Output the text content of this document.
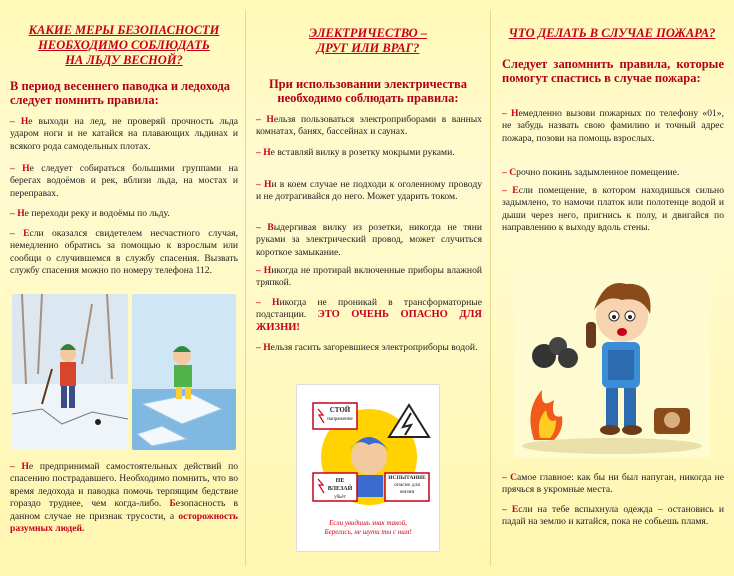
КАКИЕ МЕРЫ БЕЗОПАСНОСТИ

НЕОБХОДИМО СОБЛЮДАТЬ

НА ЛЬДУ ВЕСНОЙ?

В период весеннего паводка и ледохода следует помнить правила:

– Не выходи на лед, не проверяй прочность льда ударом ноги и не катайся на плавающих льдинах и всякого рода самодельных плотах.

– Не следует собираться большими группами на берегах водоёмов и рек, вблизи льда, на мостах и переправах.

– Не переходи реку и водоёмы по льду.

– Если оказался свидетелем несчастного случая, немедленно обратись за помощью к взрослым или сообщи о случившемся в службу спасения. Вызвать службу спасения можно по номеру телефона 112.

– Не предпринимай самостоятельных действий по спасению пострадавшего. Необходимо помнить, что во время ледохода и паводка помочь терпящим бедствие гораздо труднее, чем когда-либо. Безопасность в данном случае не признак трусости, а осторожность разумных людей.

ЭЛЕКТРИЧЕСТВО –

ДРУГ ИЛИ ВРАГ?

При использовании электричества необходимо соблюдать правила:

– Нельзя пользоваться электроприборами в ванных комнатах, банях, бассейнах и саунах.

– Не вставляй вилку в розетку мокрыми руками.

– Ни в коем случае не подходи к оголенному проводу и не дотрагивайся до него. Может ударить током.

– Выдергивая вилку из розетки, никогда не тяни руками за электрический провод, может случиться короткое замыкание.

– Никогда не протирай включенные приборы влажной тряпкой.

– Никогда не проникай в трансформаторные подстанции. ЭТО ОЧЕНЬ ОПАСНО ДЛЯ ЖИЗНИ!

– Нельзя гасить загоревшиеся электроприборы водой.

СТОЙ
напряжение
НЕ ВЛЕЗАЙ
убьёт
ИСПЫТАНИЕ
опасно для
жизни
Если увидишь знак такой,
Берегись, не шути ты с ним!

ЧТО ДЕЛАТЬ В СЛУЧАЕ ПОЖАРА?

Следует запомнить правила, которые помогут спастись в случае пожара:

– Немедленно вызови пожарных по телефону «01», не забудь назвать свою фамилию и точный адрес пожара, позови на помощь взрослых.

– Срочно покинь задымленное помещение.

– Если помещение, в котором находишься сильно задымлено, то намочи платок или полотенце водой и дыши через него, пригнись к полу, и двигайся по направлению к выходу вдоль стены.

– Самое главное: как бы ни был напуган, никогда не прячься в укромные места.

– Если на тебе вспыхнула одежда – остановись и падай на землю и катайся, пока не собьешь пламя.
